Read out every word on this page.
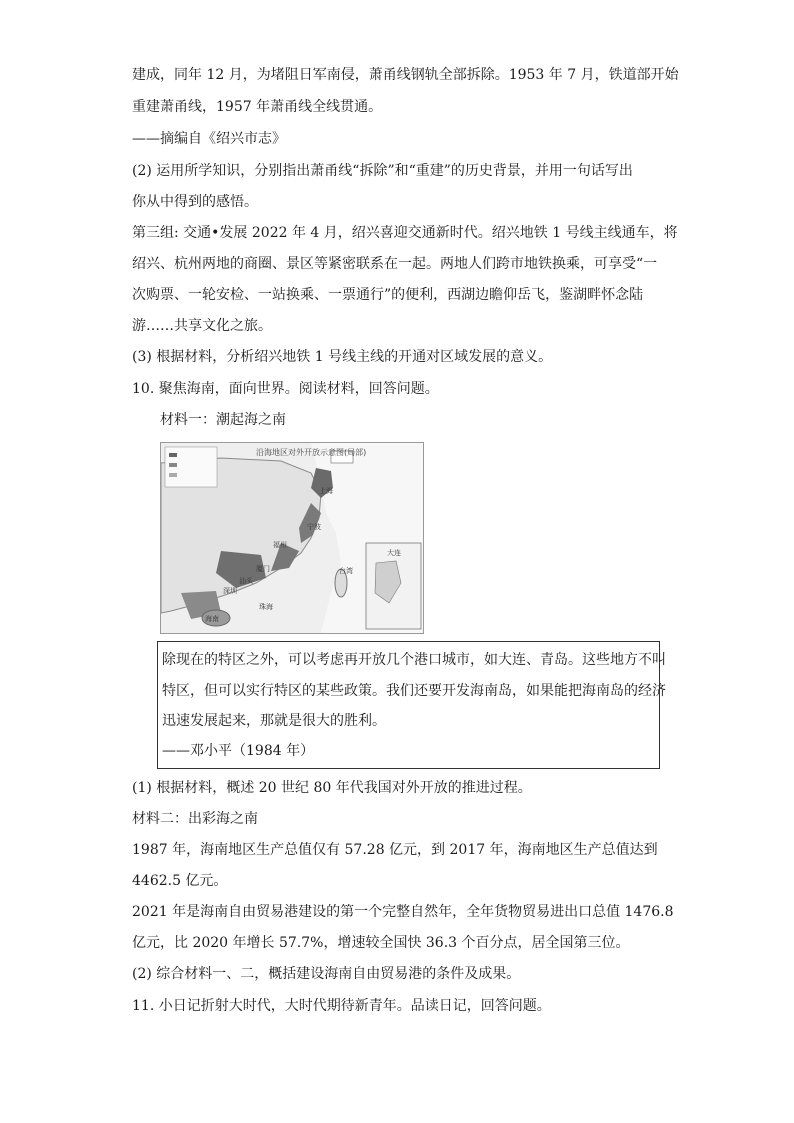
建成，同年 12 月，为堵阻日军南侵，萧甬线钢轨全部拆除。1953 年 7 月，铁道部开始
重建萧甬线，1957 年萧甬线全线贯通。
——摘编自《绍兴市志》
(2) 运用所学知识，分别指出萧甬线“拆除”和“重建”的历史背景，并用一句话写出
你从中得到的感悟。
第三组: 交通•发展 2022 年 4 月，绍兴喜迎交通新时代。绍兴地铁 1 号线主线通车，将
绍兴、杭州两地的商圈、景区等紧密联系在一起。两地人们跨市地铁换乘，可享受“一
次购票、一轮安检、一站换乘、一票通行”的便利，西湖边瞻仰岳飞，鉴湖畔怀念陆
游……共享文化之旅。
(3) 根据材料，分析绍兴地铁 1 号线主线的开通对区域发展的意义。
10. 聚焦海南，面向世界。阅读材料，回答问题。
材料一：潮起海之南
沿海地区对外开放示意图(局部)
上海
宁波
福州
厦门
汕头
深圳
珠海
海南
台湾
大连
除现在的特区之外，可以考虑再开放几个港口城市，如大连、青岛。这些地方不叫
特区，但可以实行特区的某些政策。我们还要开发海南岛，如果能把海南岛的经济
迅速发展起来，那就是很大的胜利。
——邓小平（1984 年）
(1) 根据材料，概述 20 世纪 80 年代我国对外开放的推进过程。
材料二：出彩海之南
1987 年，海南地区生产总值仅有 57.28 亿元，到 2017 年，海南地区生产总值达到
4462.5 亿元。
2021 年是海南自由贸易港建设的第一个完整自然年，全年货物贸易进出口总值 1476.8
亿元，比 2020 年增长 57.7%，增速较全国快 36.3 个百分点，居全国第三位。
(2) 综合材料一、二，概括建设海南自由贸易港的条件及成果。
11. 小日记折射大时代，大时代期待新青年。品读日记，回答问题。
